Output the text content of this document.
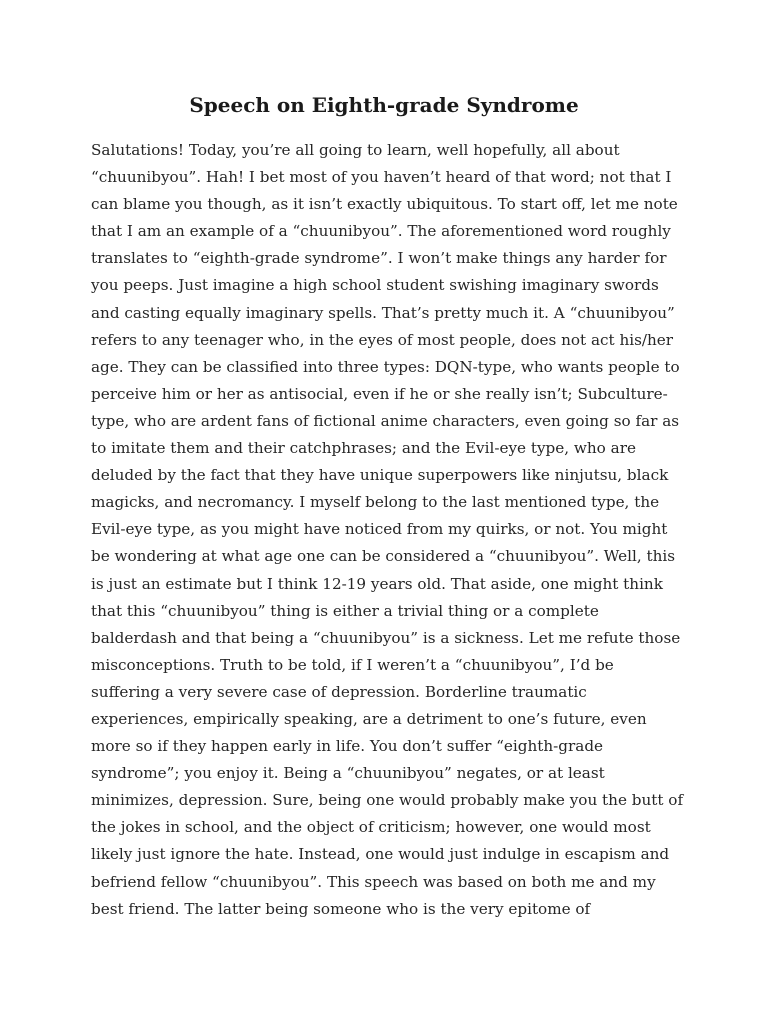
Speech on Eighth-grade Syndrome
Salutations! Today, you’re all going to learn, well hopefully, all about
“chuunibyou”. Hah! I bet most of you haven’t heard of that word; not that I
can blame you though, as it isn’t exactly ubiquitous. To start off, let me note
that I am an example of a “chuunibyou”. The aforementioned word roughly
translates to “eighth-grade syndrome”. I won’t make things any harder for
you peeps. Just imagine a high school student swishing imaginary swords
and casting equally imaginary spells. That’s pretty much it. A “chuunibyou”
refers to any teenager who, in the eyes of most people, does not act his/her
age. They can be classified into three types: DQN-type, who wants people to
perceive him or her as antisocial, even if he or she really isn’t; Subculture-
type, who are ardent fans of fictional anime characters, even going so far as
to imitate them and their catchphrases; and the Evil-eye type, who are
deluded by the fact that they have unique superpowers like ninjutsu, black
magicks, and necromancy. I myself belong to the last mentioned type, the
Evil-eye type, as you might have noticed from my quirks, or not. You might
be wondering at what age one can be considered a “chuunibyou”. Well, this
is just an estimate but I think 12-19 years old. That aside, one might think
that this “chuunibyou” thing is either a trivial thing or a complete
balderdash and that being a “chuunibyou” is a sickness. Let me refute those
misconceptions. Truth to be told, if I weren’t a “chuunibyou”, I’d be
suffering a very severe case of depression. Borderline traumatic
experiences, empirically speaking, are a detriment to one’s future, even
more so if they happen early in life. You don’t suffer “eighth-grade
syndrome”; you enjoy it. Being a “chuunibyou” negates, or at least
minimizes, depression. Sure, being one would probably make you the butt of
the jokes in school, and the object of criticism; however, one would most
likely just ignore the hate. Instead, one would just indulge in escapism and
befriend fellow “chuunibyou”. This speech was based on both me and my
best friend. The latter being someone who is the very epitome of
